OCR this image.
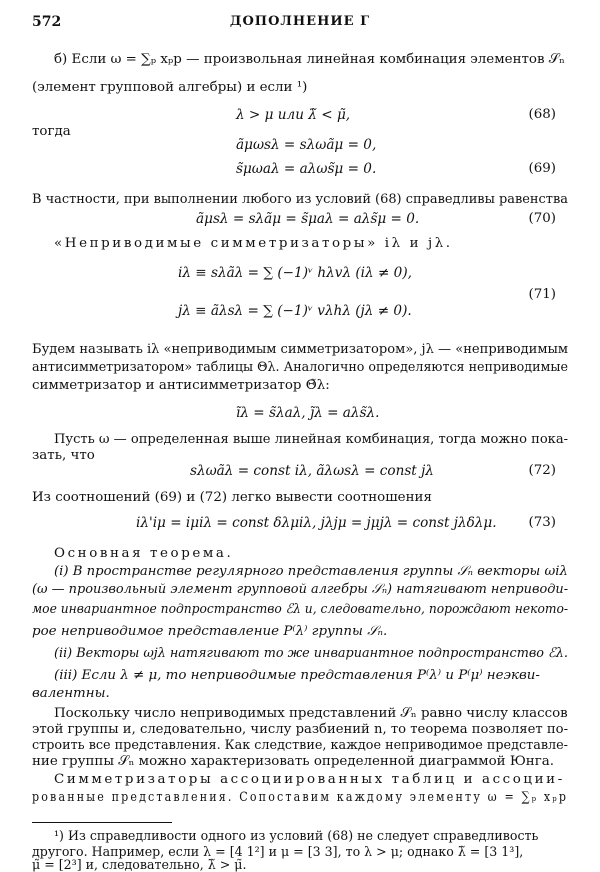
572	ДОПОЛНЕНИЕ Г
б) Если ω = ∑ₚ xₚp — произвольная линейная комбинация элементов 𝒮ₙ
(элемент групповой алгебры) и если ¹)
λ > μ или λ̃ < μ̃,	(68)
тогда
ãμωsλ = sλωãμ = 0,
s̃μωaλ = aλωs̃μ = 0.	(69)
В частности, при выполнении любого из условий (68) справедливы равенства
ãμsλ = sλãμ = s̃μaλ = aλs̃μ = 0.	(70)
«Неприводимые симметризаторы» iλ и jλ.
iλ ≡ sλãλ = ∑ (−1)ᵛ hλvλ (iλ ≠ 0),
(71)
jλ ≡ ãλsλ = ∑ (−1)ᵛ vλhλ (jλ ≠ 0).
Будем называть iλ «неприводимым симметризатором», jλ — «неприводимым
антисимметризатором» таблицы Θλ. Аналогично определяются неприводимые
симметризатор и антисимметризатор Θ̃λ:
ĩλ = s̃λaλ, j̃λ = aλs̃λ.
Пусть ω — определенная выше линейная комбинация, тогда можно пока-
зать, что
sλωãλ = const iλ, ãλωsλ = const jλ	(72)
Из соотношений (69) и (72) легко вывести соотношения
iλ'iμ = iμiλ = const δλμiλ, jλjμ = jμjλ = const jλδλμ. (73)
Основная теорема.
(i) В пространстве регулярного представления группы 𝒮ₙ векторы ωiλ
(ω — произвольный элемент групповой алгебры 𝒮ₙ) натягивают неприводи-
мое инвариантное подпространство ℰλ и, следовательно, порождают некото-
рое неприводимое представление P⁽λ⁾ группы 𝒮ₙ.
(ii) Векторы ωjλ натягивают то же инвариантное подпространство ℰλ.
(iii) Если λ ≠ μ, то неприводимые представления P⁽λ⁾ и P⁽μ⁾ неэкви-
валентны.
Поскольку число неприводимых представлений 𝒮ₙ равно числу классов
этой группы и, следовательно, числу разбиений n, то теорема позволяет по-
строить все представления. Как следствие, каждое неприводимое представле-
ние группы 𝒮ₙ можно характеризовать определенной диаграммой Юнга.
Симметризаторы ассоциированных таблиц и ассоции-
рованные представления. Сопоставим каждому элементу ω = ∑ₚ xₚp
¹) Из справедливости одного из условий (68) не следует справедливость
другого. Например, если λ = [4 1²] и μ = [3 3], то λ > μ; однако λ̃ = [3 1³],
μ̃ = [2³] и, следовательно, λ̃ > μ̃.
